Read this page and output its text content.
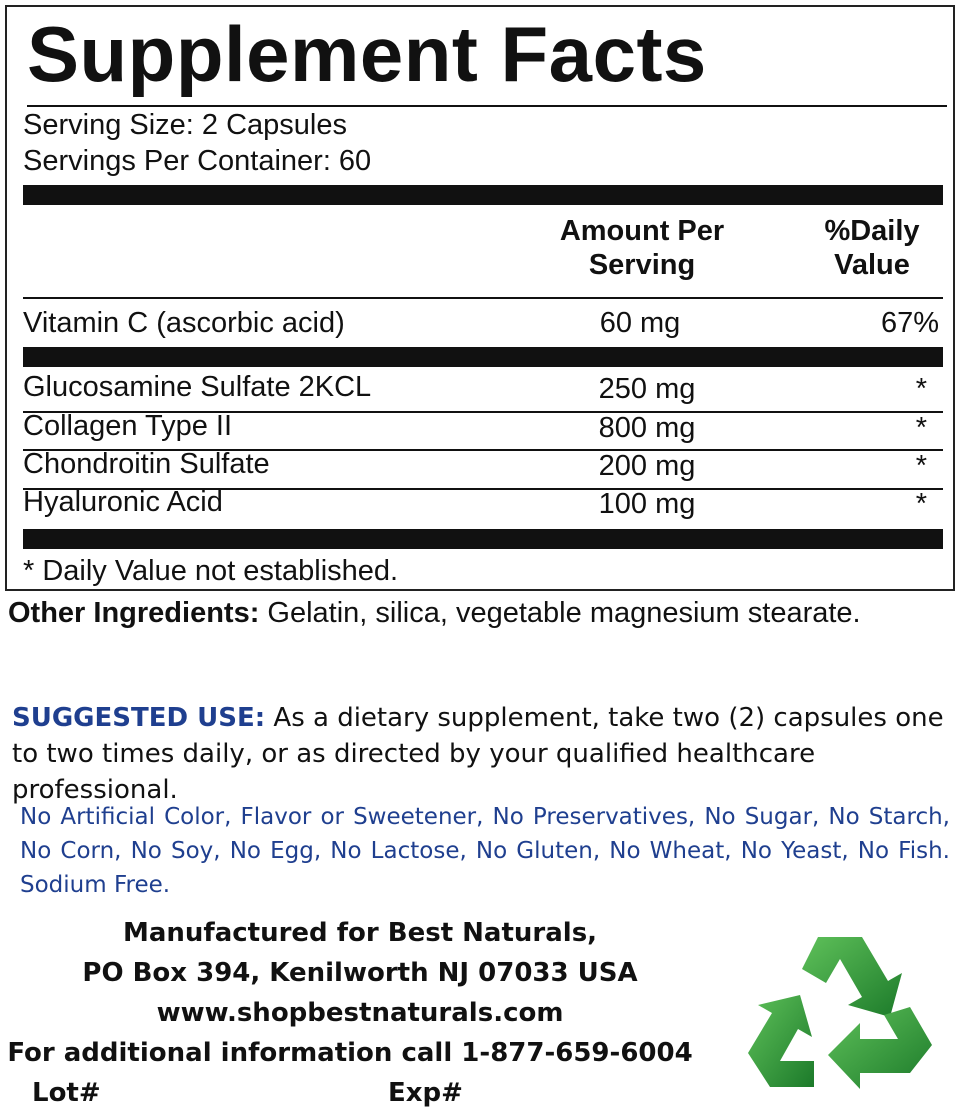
Supplement Facts
Serving Size: 2 Capsules
Servings Per Container: 60
Amount Per
Serving
%Daily
Value
Vitamin C (ascorbic acid)	60 mg	67%
Glucosamine Sulfate 2KCL	250 mg	*
Collagen Type II	800 mg	*
Chondroitin Sulfate	200 mg	*
Hyaluronic Acid	100 mg	*
* Daily Value not established.
Other Ingredients: Gelatin, silica, vegetable magnesium stearate.
SUGGESTED USE: As a dietary supplement, take two (2) capsules one to two times daily, or as directed by your qualified healthcare professional.
No Artificial Color, Flavor or Sweetener, No Preservatives, No Sugar, No Starch, No Corn, No Soy, No Egg, No Lactose, No Gluten, No Wheat, No Yeast, No Fish. Sodium Free.
Manufactured for Best Naturals,
PO Box 394, Kenilworth NJ 07033 USA
www.shopbestnaturals.com
For additional information call 1-877-659-6004
Lot#	Exp#
